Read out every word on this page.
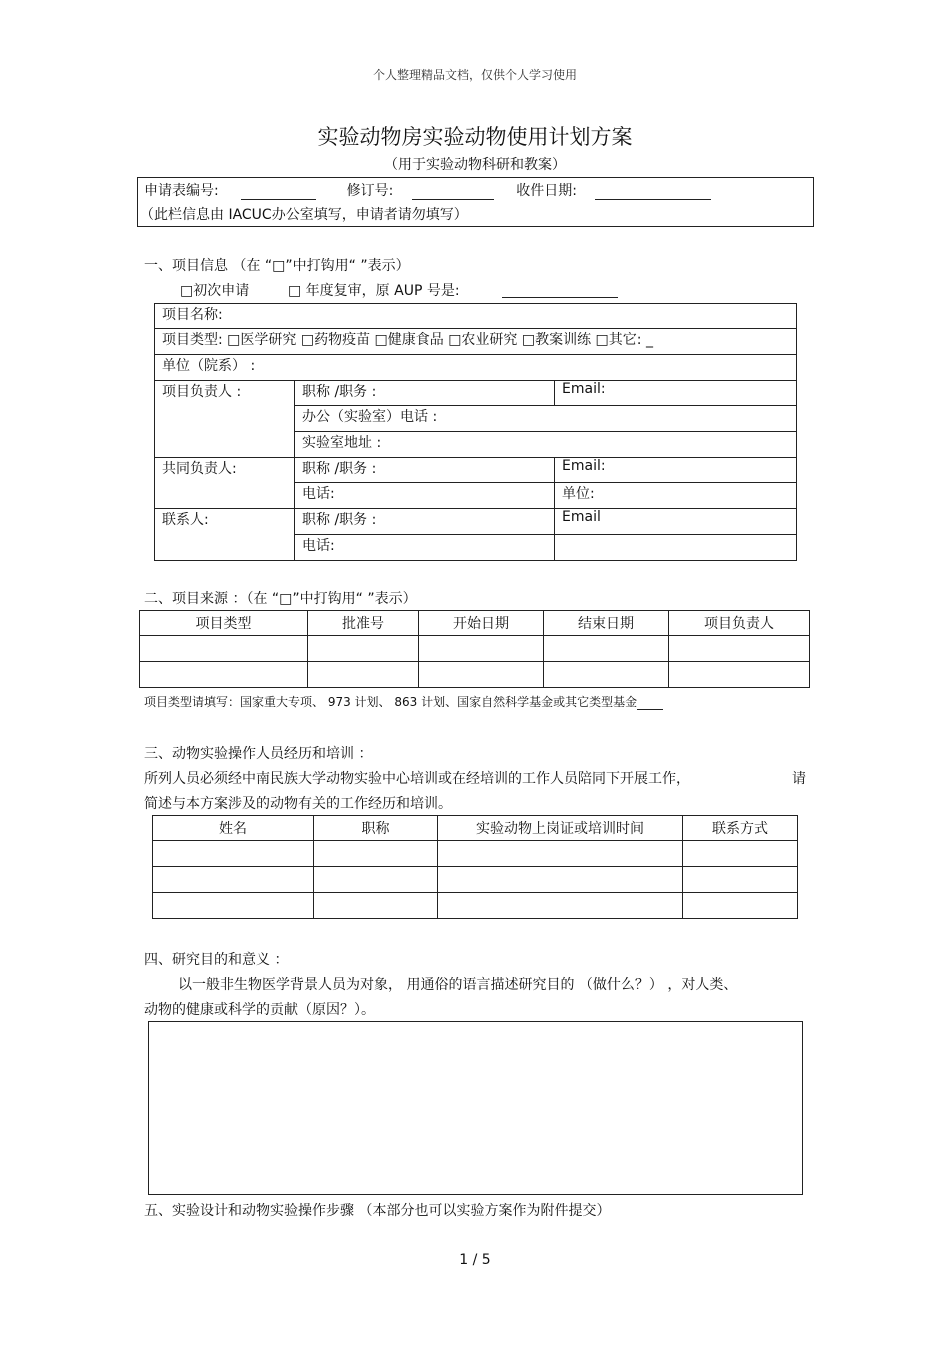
个人整理精品文档，仅供个人学习使用
实验动物房实验动物使用计划方案
（用于实验动物科研和教案）
申请表编号:	修订号:	收件日期:
（此栏信息由 IACUC办公室填写，申请者请勿填写）
一、项目信息 （在 “□”中打钩用“ ”表示）
□初次申请	□ 年度复审，原 AUP 号是:
项目名称:		
项目类型: □医学研究 □药物疫苗 □健康食品 □农业研究 □教案训练 □其它: _		
单位（院系） :		
项目负责人 :	职称 /职务 :	Email:
	办公（实验室）电话 :	
	实验室地址 :	
共同负责人:	职称 /职务 :	Email:
	电话:	单位:
联系人:	职称 /职务 :	Email
	电话:	
二、项目来源 ：（在 “□”中打钩用“ ”表示）
项目类型	批准号	开始日期	结束日期	项目负责人

项目类型请填写：国家重大专项、 973 计划、 863 计划、国家自然科学基金或其它类型基金
三、动物实验操作人员经历和培训 ：
所列人员必须经中南民族大学动物实验中心培训或在经培训的工作人员陪同下开展工作，	请
简述与本方案涉及的动物有关的工作经历和培训。
姓名	职称	实验动物上岗证或培训时间	联系方式

四、研究目的和意义 ：
以一般非生物医学背景人员为对象， 用通俗的语言描述研究目的 （做什么？） ，对人类、
动物的健康或科学的贡献（原因？）。
五、实验设计和动物实验操作步骤 （本部分也可以实验方案作为附件提交）
1 / 5
